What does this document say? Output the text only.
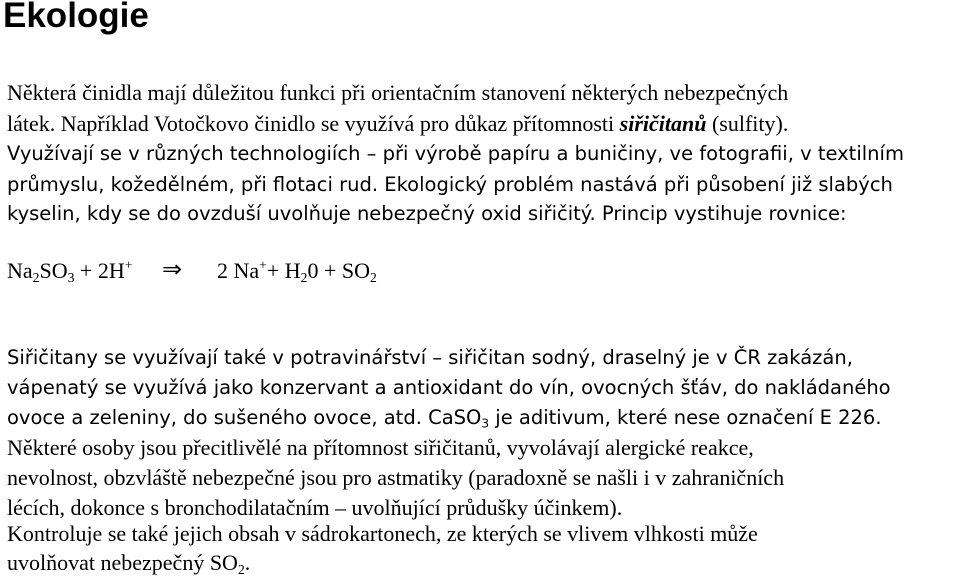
Ekologie
Některá činidla mají důležitou funkci při orientačním stanovení některých nebezpečných
látek. Například Votočkovo činidlo se využívá pro důkaz přítomnosti siřičitanů (sulfity).
Využívají se v různých technologiích – při výrobě papíru a buničiny, ve fotografii, v textilním
průmyslu, kožedělném, při flotaci rud. Ekologický problém nastává při působení již slabých
kyselin, kdy se do ovzduší uvolňuje nebezpečný oxid siřičitý. Princip vystihuje rovnice:
$Na_2SO_3 + 2H^+$ ⇒ 2 $Na^++ H_20 + SO_2$
Siřičitany se využívají také v potravinářství – siřičitan sodný, draselný je v ČR zakázán,
vápenatý se využívá jako konzervant a antioxidant do vín, ovocných šťáv, do nakládaného
ovoce a zeleniny, do sušeného ovoce, atd. CaSO$_3$ je aditivum, které nese označení E 226.
Některé osoby jsou přecitlivělé na přítomnost siřičitanů, vyvolávají alergické reakce,
nevolnost, obzvláště nebezpečné jsou pro astmatiky (paradoxně se našli i v zahraničních
lécích, dokonce s bronchodilatačním – uvolňující průdušky účinkem).
Kontroluje se také jejich obsah v sádrokartonech, ze kterých se vlivem vlhkosti může
uvolňovat nebezpečný $SO_2$.
